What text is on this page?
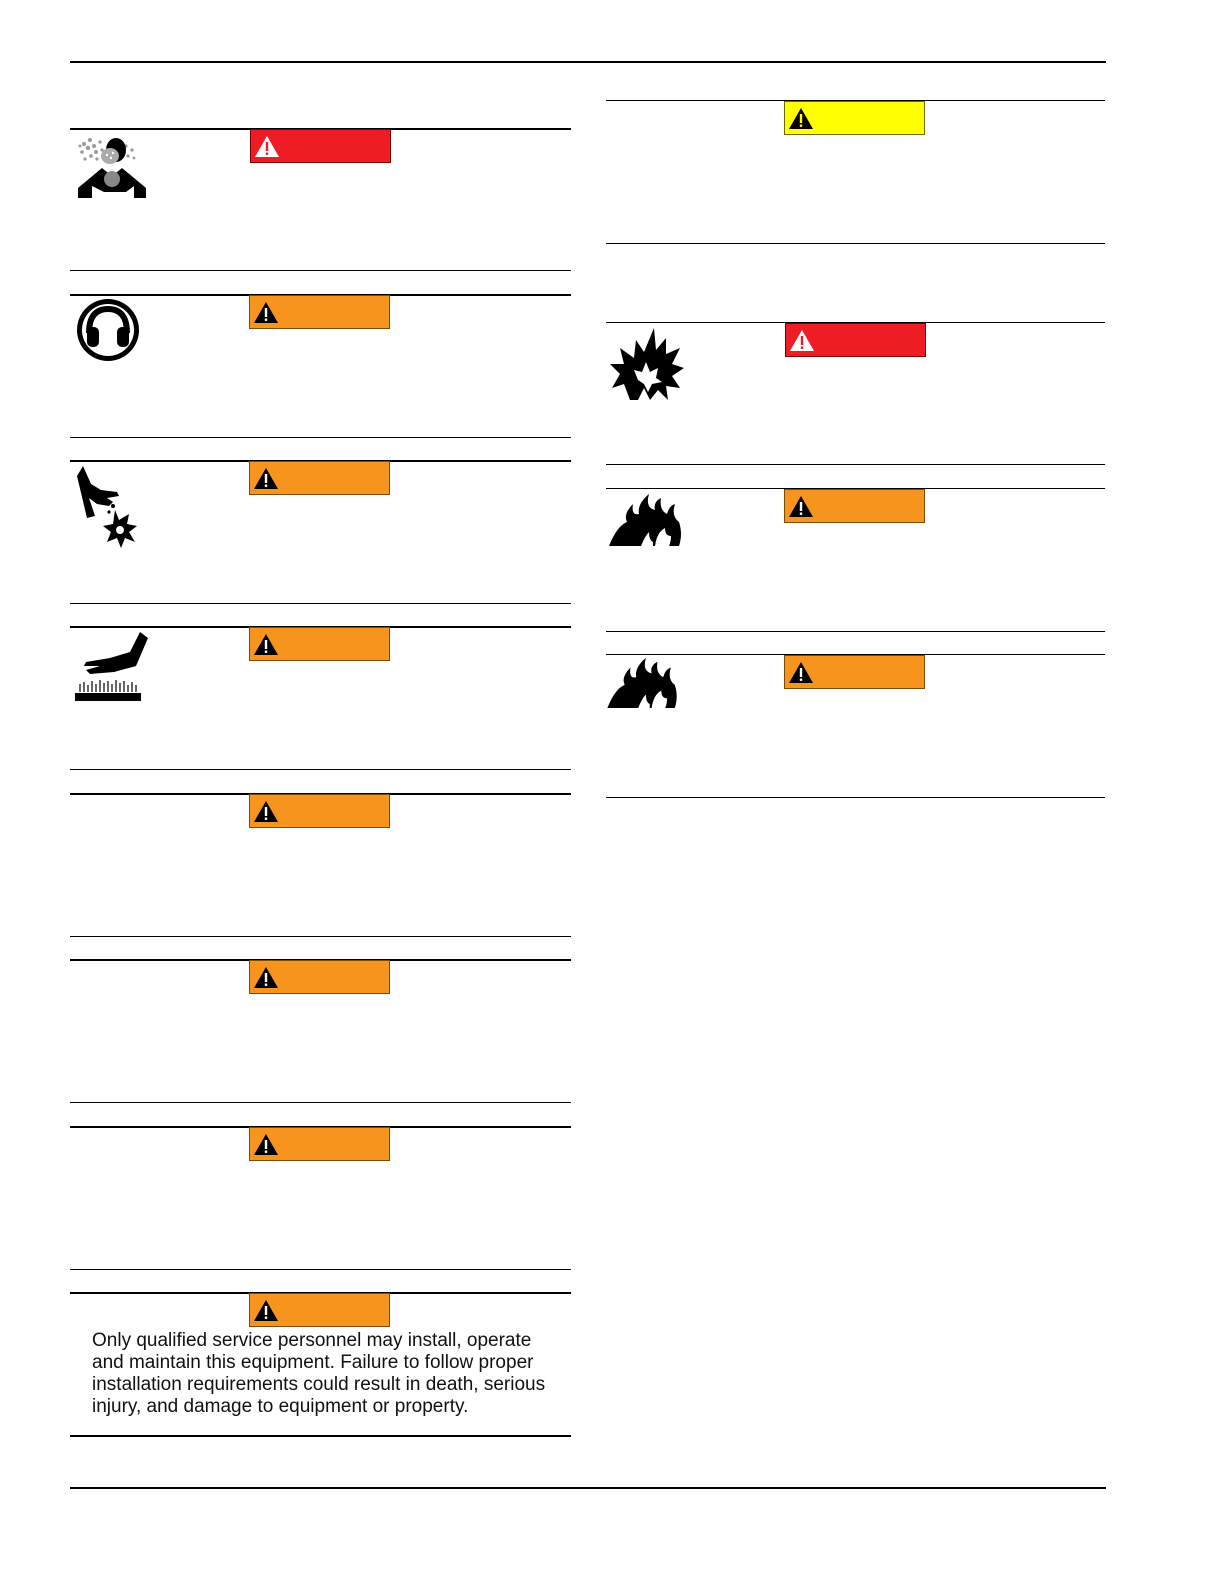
Only qualified service personnel may install, operate and maintain this equipment. Failure to follow proper installation requirements could result in death, serious injury, and damage to equipment or property.
